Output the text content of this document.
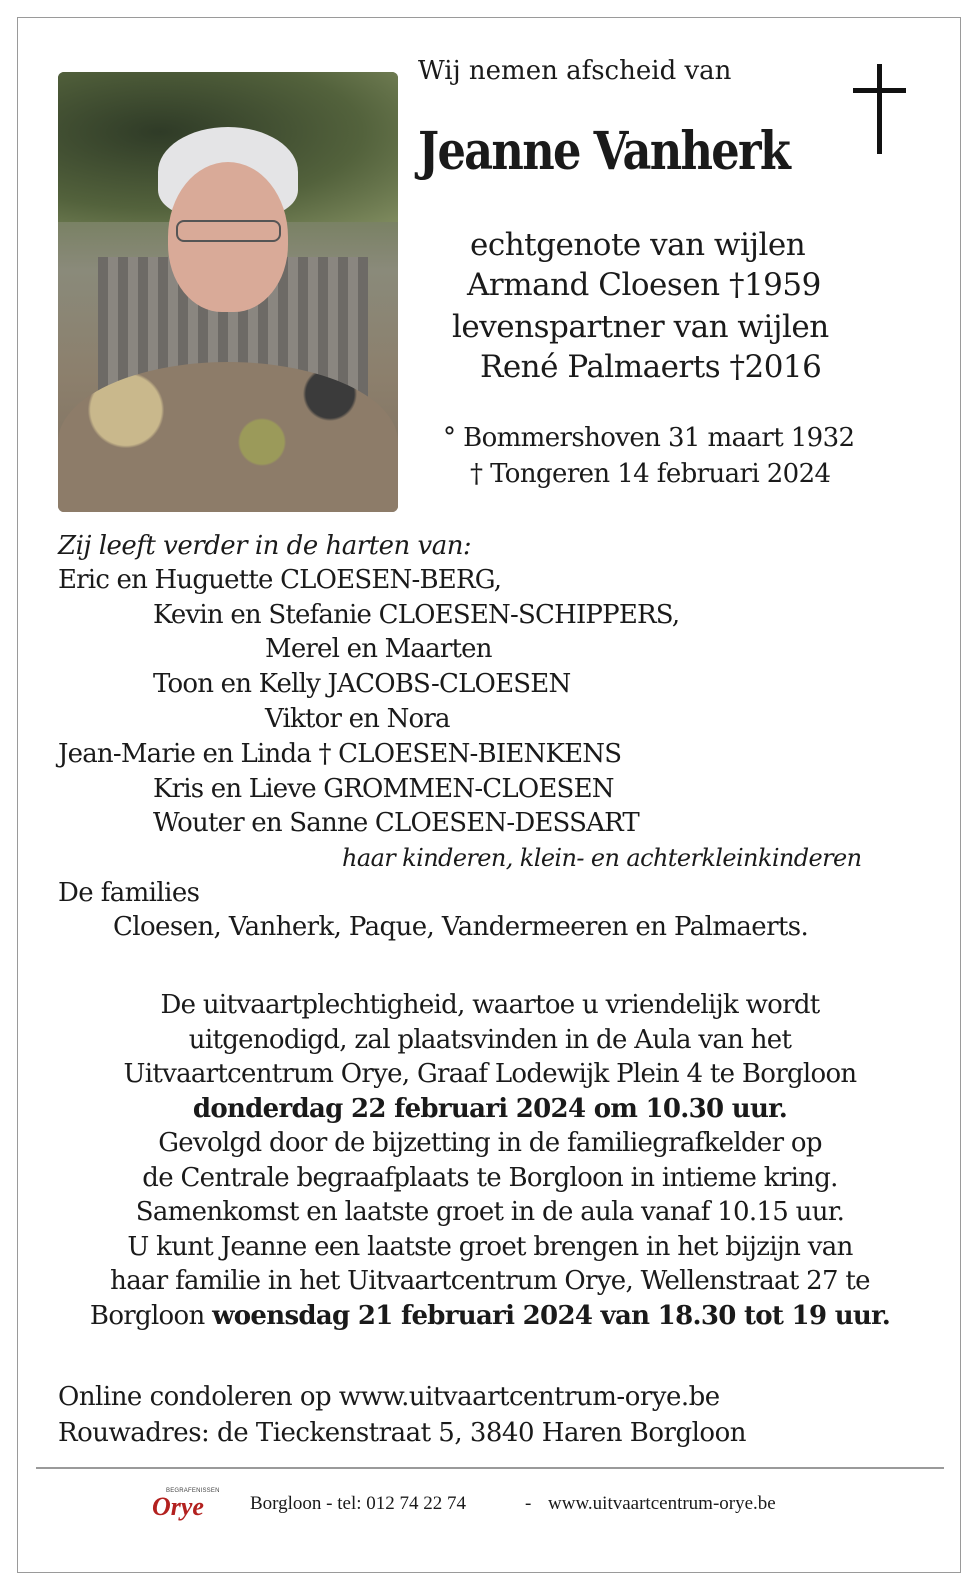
Wij nemen afscheid van
Jeanne Vanherk
echtgenote van wijlen
Armand Cloesen †1959
levenspartner van wijlen
René Palmaerts †2016
° Bommershoven 31 maart 1932
† Tongeren 14 februari 2024
Zij leeft verder in de harten van:
Eric en Huguette CLOESEN-BERG,
Kevin en Stefanie CLOESEN-SCHIPPERS,
Merel en Maarten
Toon en Kelly JACOBS-CLOESEN
Viktor en Nora
Jean-Marie en Linda † CLOESEN-BIENKENS
Kris en Lieve GROMMEN-CLOESEN
Wouter en Sanne CLOESEN-DESSART
haar kinderen, klein- en achterkleinkinderen
De families
Cloesen, Vanherk, Paque, Vandermeeren en Palmaerts.
De uitvaartplechtigheid, waartoe u vriendelijk wordt
uitgenodigd, zal plaatsvinden in de Aula van het
Uitvaartcentrum Orye, Graaf Lodewijk Plein 4 te Borgloon
donderdag 22 februari 2024 om 10.30 uur.
Gevolgd door de bijzetting in de familiegrafkelder op
de Centrale begraafplaats te Borgloon in intieme kring.
Samenkomst en laatste groet in de aula vanaf 10.15 uur.
U kunt Jeanne een laatste groet brengen in het bijzijn van
haar familie in het Uitvaartcentrum Orye, Wellenstraat 27 te
Borgloon woensdag 21 februari 2024 van 18.30 tot 19 uur.
Online condoleren op www.uitvaartcentrum-orye.be
Rouwadres: de Tieckenstraat 5, 3840 Haren Borgloon
BEGRAFENISSEN
Orye Borgloon - tel: 012 74 22 74	- www.uitvaartcentrum-orye.be
